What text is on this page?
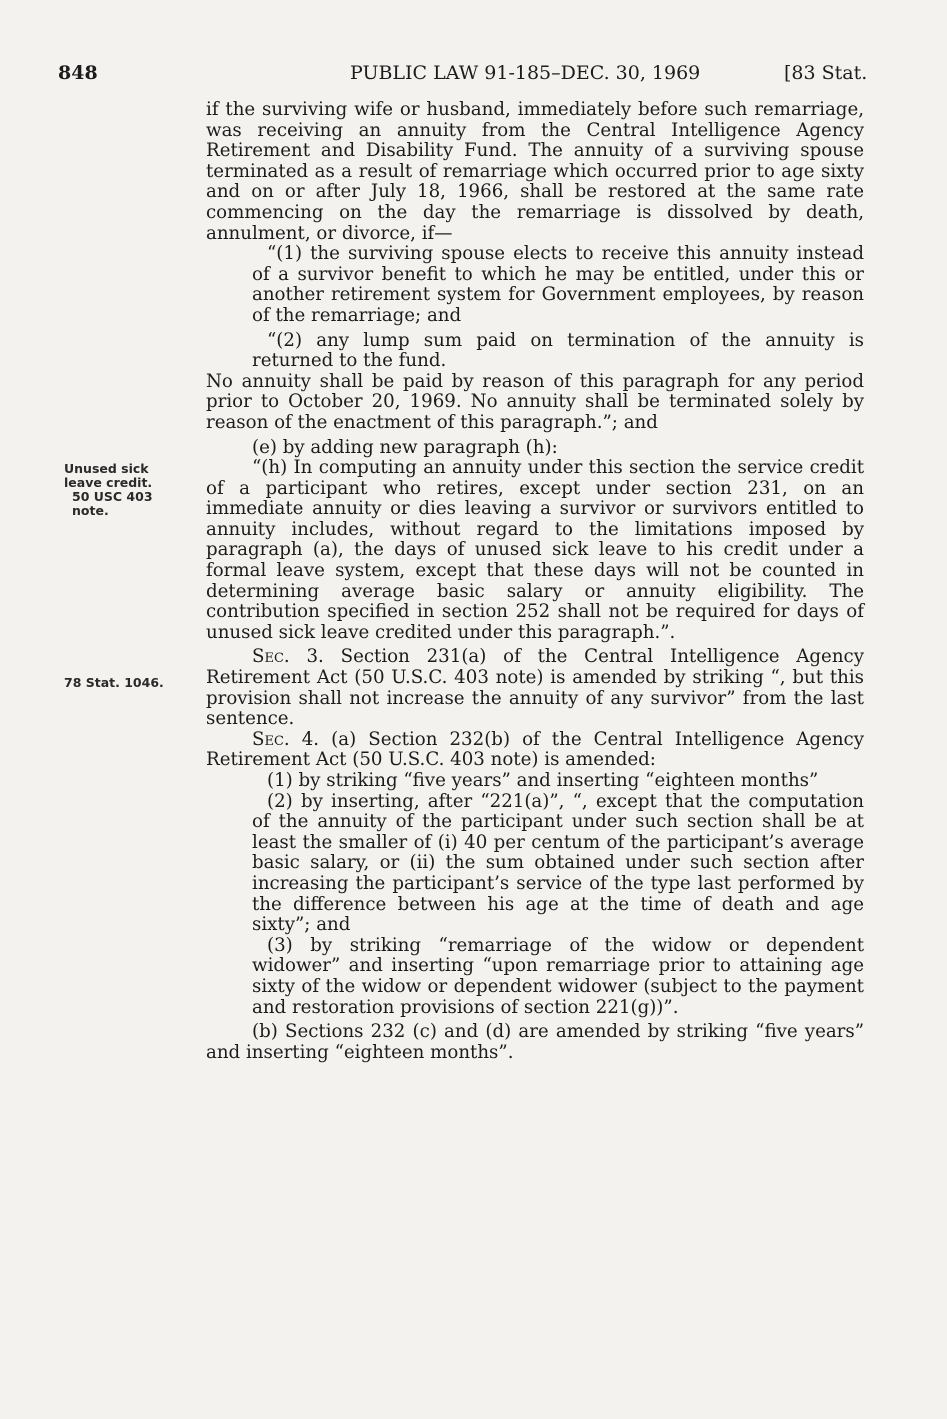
848	PUBLIC LAW 91-185–DEC. 30, 1969	[83 Stat.
Unused sick leave credit.
50 USC 403 note.
78 Stat. 1046.

if the surviving wife or husband, immediately before such remarriage, was receiving an annuity from the Central Intelligence Agency Retirement and Disability Fund. The annuity of a surviving spouse terminated as a result of remarriage which occurred prior to age sixty and on or after July 18, 1966, shall be restored at the same rate commencing on the day the remarriage is dissolved by death, annulment, or divorce, if—

“(1) the surviving spouse elects to receive this annuity instead of a survivor benefit to which he may be entitled, under this or another retirement system for Government employees, by reason of the remarriage; and

“(2) any lump sum paid on termination of the annuity is returned to the fund.

No annuity shall be paid by reason of this paragraph for any period prior to October 20, 1969. No annuity shall be terminated solely by reason of the enactment of this paragraph.”; and

(e) by adding new paragraph (h):

“(h) In computing an annuity under this section the service credit of a participant who retires, except under section 231, on an immediate annuity or dies leaving a survivor or survivors entitled to annuity includes, without regard to the limitations imposed by paragraph (a), the days of unused sick leave to his credit under a formal leave system, except that these days will not be counted in determining average basic salary or annuity eligibility. The contribution specified in section 252 shall not be required for days of unused sick leave credited under this paragraph.”.

Sec. 3. Section 231(a) of the Central Intelligence Agency Retirement Act (50 U.S.C. 403 note) is amended by striking “, but this provision shall not increase the annuity of any survivor” from the last sentence.

Sec. 4. (a) Section 232(b) of the Central Intelligence Agency Retirement Act (50 U.S.C. 403 note) is amended:

(1) by striking “five years” and inserting “eighteen months”

(2) by inserting, after “221(a)”, “, except that the computation of the annuity of the participant under such section shall be at least the smaller of (i) 40 per centum of the participant’s average basic salary, or (ii) the sum obtained under such section after increasing the participant’s service of the type last performed by the difference between his age at the time of death and age sixty”; and

(3) by striking “remarriage of the widow or dependent widower” and inserting “upon remarriage prior to attaining age sixty of the widow or dependent widower (subject to the payment and restoration provisions of section 221(g))”.

(b) Sections 232 (c) and (d) are amended by striking “five years” and inserting “eighteen months”.
